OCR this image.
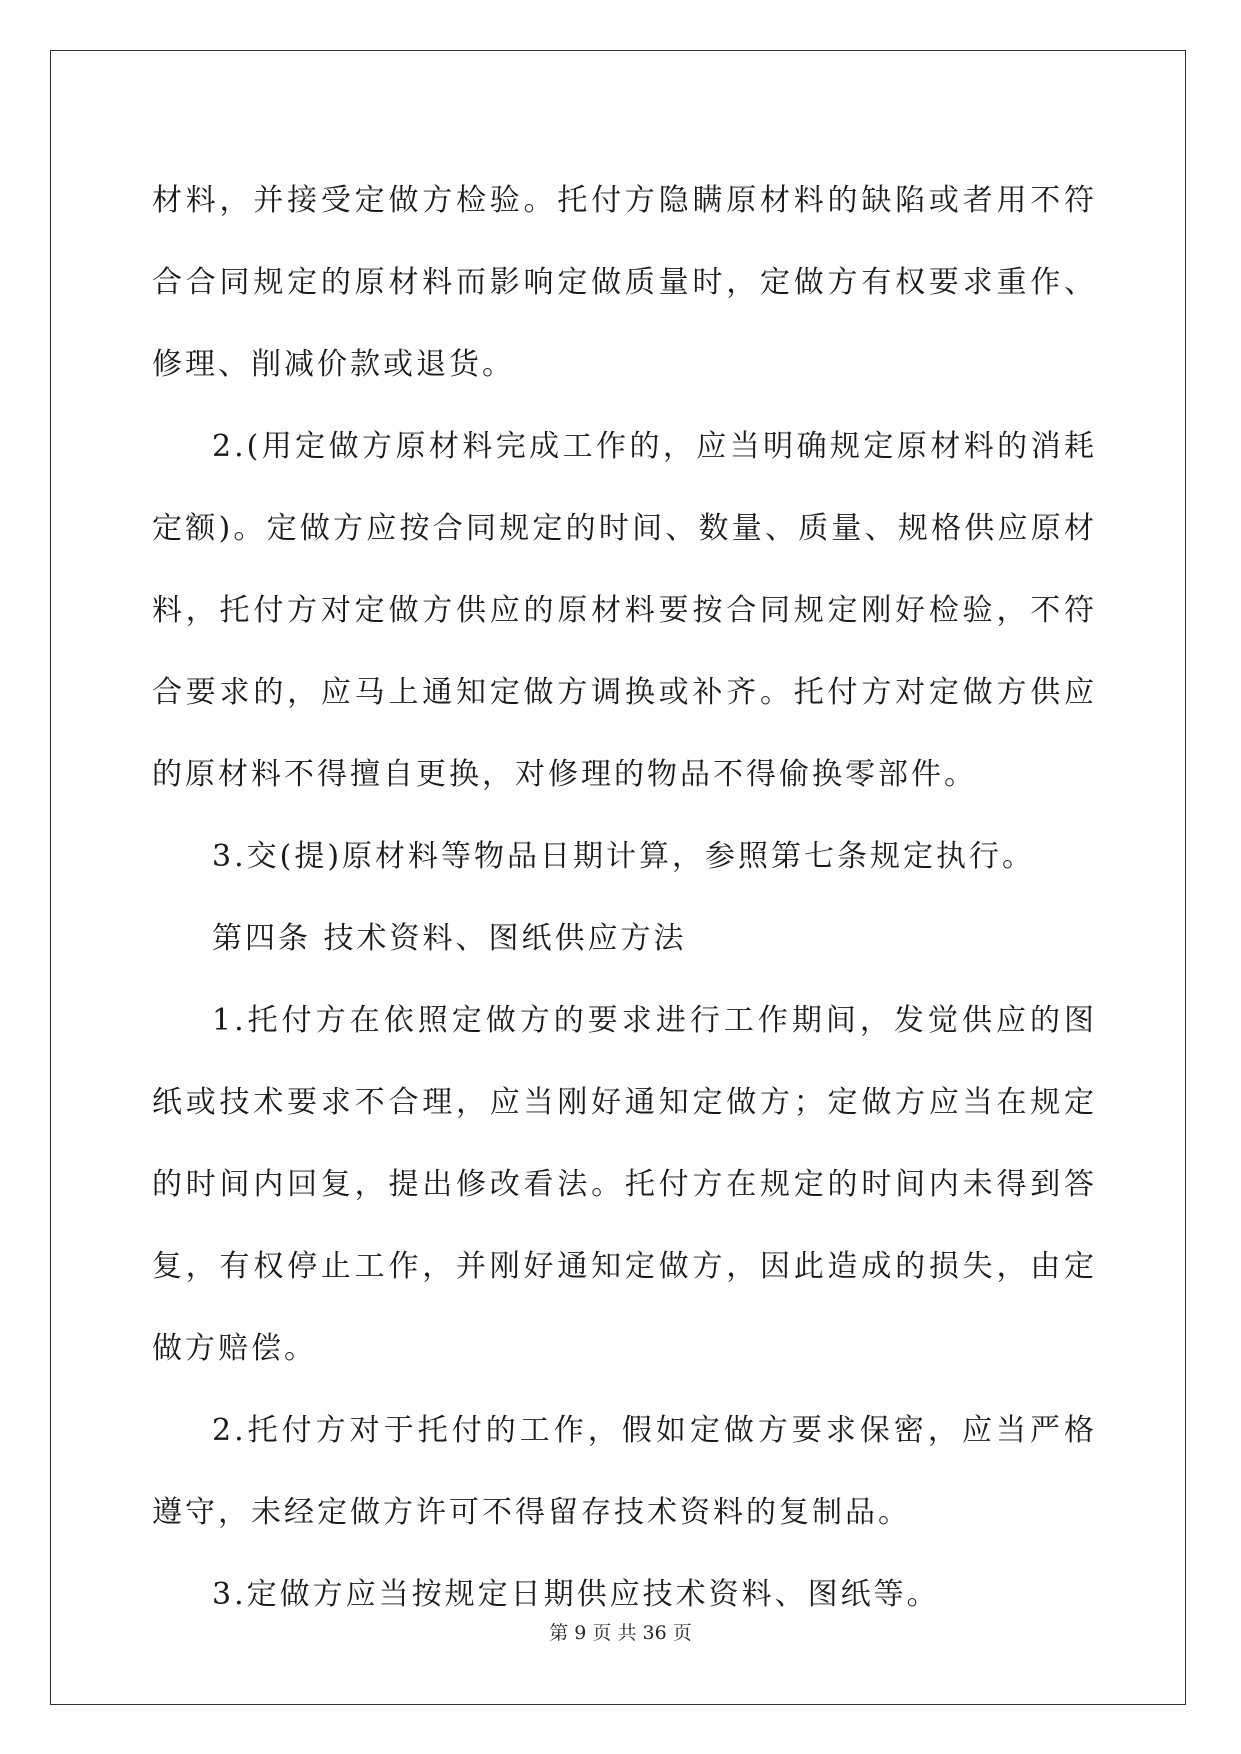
材料，并接受定做方检验。托付方隐瞒原材料的缺陷或者用不符合合同规定的原材料而影响定做质量时，定做方有权要求重作、修理、削减价款或退货。

2.(用定做方原材料完成工作的，应当明确规定原材料的消耗定额)。定做方应按合同规定的时间、数量、质量、规格供应原材料，托付方对定做方供应的原材料要按合同规定刚好检验，不符合要求的，应马上通知定做方调换或补齐。托付方对定做方供应的原材料不得擅自更换，对修理的物品不得偷换零部件。

3.交(提)原材料等物品日期计算，参照第七条规定执行。

第四条 技术资料、图纸供应方法

1.托付方在依照定做方的要求进行工作期间，发觉供应的图纸或技术要求不合理，应当刚好通知定做方；定做方应当在规定的时间内回复，提出修改看法。托付方在规定的时间内未得到答复，有权停止工作，并刚好通知定做方，因此造成的损失，由定做方赔偿。

2.托付方对于托付的工作，假如定做方要求保密，应当严格遵守，未经定做方许可不得留存技术资料的复制品。

3.定做方应当按规定日期供应技术资料、图纸等。

第 9 页 共 36 页
